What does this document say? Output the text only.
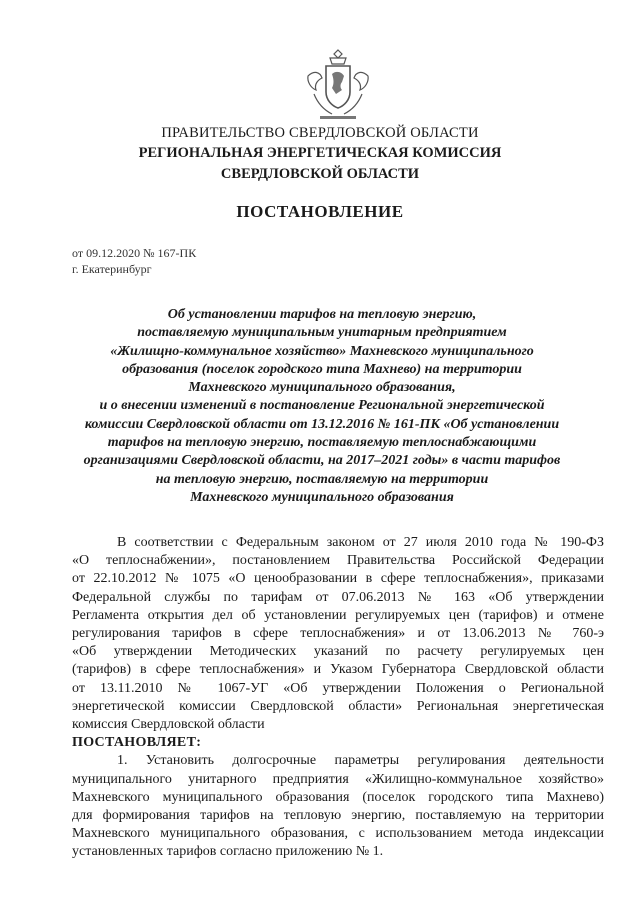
ПРАВИТЕЛЬСТВО СВЕРДЛОВСКОЙ ОБЛАСТИ
РЕГИОНАЛЬНАЯ ЭНЕРГЕТИЧЕСКАЯ КОМИССИЯ
СВЕРДЛОВСКОЙ ОБЛАСТИ
ПОСТАНОВЛЕНИЕ
от 09.12.2020 № 167-ПК
г. Екатеринбург
Об установлении тарифов на тепловую энергию,
поставляемую муниципальным унитарным предприятием
«Жилищно-коммунальное хозяйство» Махневского муниципального
образования (поселок городского типа Махнево) на территории
Махневского муниципального образования,
и о внесении изменений в постановление Региональной энергетической
комиссии Свердловской области от 13.12.2016 № 161-ПК «Об установлении
тарифов на тепловую энергию, поставляемую теплоснабжающими
организациями Свердловской области, на 2017–2021 годы» в части тарифов
на тепловую энергию, поставляемую на территории
Махневского муниципального образования
В соответствии с Федеральным законом от 27 июля 2010 года № 190-ФЗ
«О теплоснабжении», постановлением Правительства Российской Федерации
от 22.10.2012 № 1075 «О ценообразовании в сфере теплоснабжения», приказами
Федеральной службы по тарифам от 07.06.2013 № 163 «Об утверждении
Регламента открытия дел об установлении регулируемых цен (тарифов) и отмене
регулирования тарифов в сфере теплоснабжения» и от 13.06.2013 № 760-э
«Об утверждении Методических указаний по расчету регулируемых цен
(тарифов) в сфере теплоснабжения» и Указом Губернатора Свердловской области
от 13.11.2010 № 1067-УГ «Об утверждении Положения о Региональной
энергетической комиссии Свердловской области» Региональная энергетическая
комиссия Свердловской области
ПОСТАНОВЛЯЕТ:
1. Установить долгосрочные параметры регулирования деятельности
муниципального унитарного предприятия «Жилищно-коммунальное хозяйство»
Махневского муниципального образования (поселок городского типа Махнево)
для формирования тарифов на тепловую энергию, поставляемую на территории
Махневского муниципального образования, с использованием метода индексации
установленных тарифов согласно приложению № 1.
